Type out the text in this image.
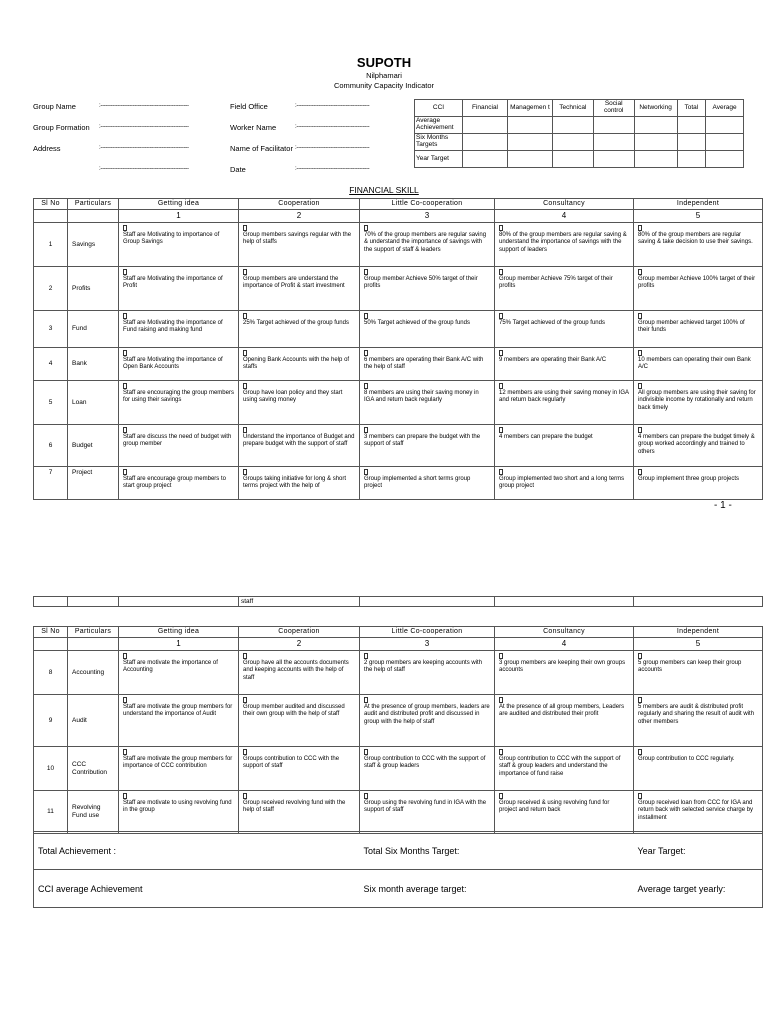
SUPOTH
Nilphamari
Community Capacity Indicator
Group Name	:----------------------------------------------------
Group Formation :----------------------------------------------------
Address	:----------------------------------------------------
:----------------------------------------------------
Field Office	:-------------------------------------------
Worker Name	:-------------------------------------------
Name of Facilitator :-------------------------------------------
Date	:-------------------------------------------
CCI	Financial	Managemen t	Technical	Social control	Networking	Total	Average
Average Achievement							
Six Months Targets							
Year Target							
FINANCIAL SKILL
Sl No	Particulars	Getting idea	Cooperation	Little Co-cooperation	Consultancy	Independent
		1	2	3	4	5
1	Savings	Staff are Motivating to importance of Group Savings	Group members savings regular with the help of staffs	70% of the group members are regular saving & understand the importance of savings with the support of staff & leaders	80% of the group members are regular saving & understand the importance of savings with the support of leaders	80% of the group members are regular saving & take decision to use their savings.
2	Profits	Staff are Motivating the importance of Profit	Group members are understand the importance of Profit & start investment	Group member Achieve 50% target of their profits	Group member Achieve 75% target of their profits	Group member Achieve 100% target of their profits
3	Fund	Staff are Motivating the importance of Fund raising and making fund	25% Target achieved of the group funds	50% Target achieved of the group funds	75% Target achieved of the group funds	Group member achieved target 100% of their funds
4	Bank	Staff are Motivating the importance of Open Bank Accounts	Opening Bank Accounts with the help of staffs	6 members are operating their Bank A/C with the help of staff	9 members are operating their Bank A/C	10 members can operating their own Bank A/C
5	Loan	Staff are encouraging the group members for using their savings	Group have loan policy and they start using saving money	8 members are using their saving money in IGA and return back regularly	12 members are using their saving money in IGA and return back regularly	All group members are using their saving for indivisible income by rotationally and return back timely
6	Budget	Staff are discuss the need of budget with group member	Understand the importance of Budget and prepare budget with the support of staff	3 members can prepare the budget with the support of staff	4 members can prepare the budget	4 members can prepare the budget timely & group worked accordingly and trained to others
7	Project	Staff are encourage group members to start group project	Groups taking initiative for long & short terms project with the help of	Group implemented a short terms group project	Group implemented two short and a long terms group project	Group implement three group projects
- 1 -
			staff			
Sl No	Particulars	Getting idea	Cooperation	Little Co-cooperation	Consultancy	Independent
		1	2	3	4	5
8	Accounting	Staff are motivate the importance of Accounting	Group have all the accounts documents and keeping accounts with the help of staff	2 group members are keeping accounts with the help of staff	3 group members are keeping their own groups accounts	5 group members can keep their group accounts
9	Audit	Staff are motivate the group members for understand the importance of Audit	Group member audited and discussed their own group with the help of staff	At the presence of group members, leaders are audit and distributed profit and discussed in group with the help of staff	At the presence of all group members, Leaders are audited and distributed their profit	5 members are audit & distributed profit regularly and sharing the result of audit with other members
10	CCC Contribution	Staff are motivate the group members for importance of CCC contribution	Groups contribution to CCC with the support of staff	Group contribution to CCC with the support of staff & group leaders	Group contribution to CCC with the support of staff & group leaders and understand the importance of fund raise	Group contribution to CCC regularly.
11	Revolving Fund use	Staff are motivate to using revolving fund in the group	Group received revolving fund with the help of staff	Group using the revolving fund in IGA with the support of staff	Group received & using revolving fund for project and return back	Group received loan from CCC for IGA and return back with selected service charge by installment
Total Achievement :	Total Six Months Target:	Year Target:
CCI average Achievement	Six month average target:	Average target yearly:
